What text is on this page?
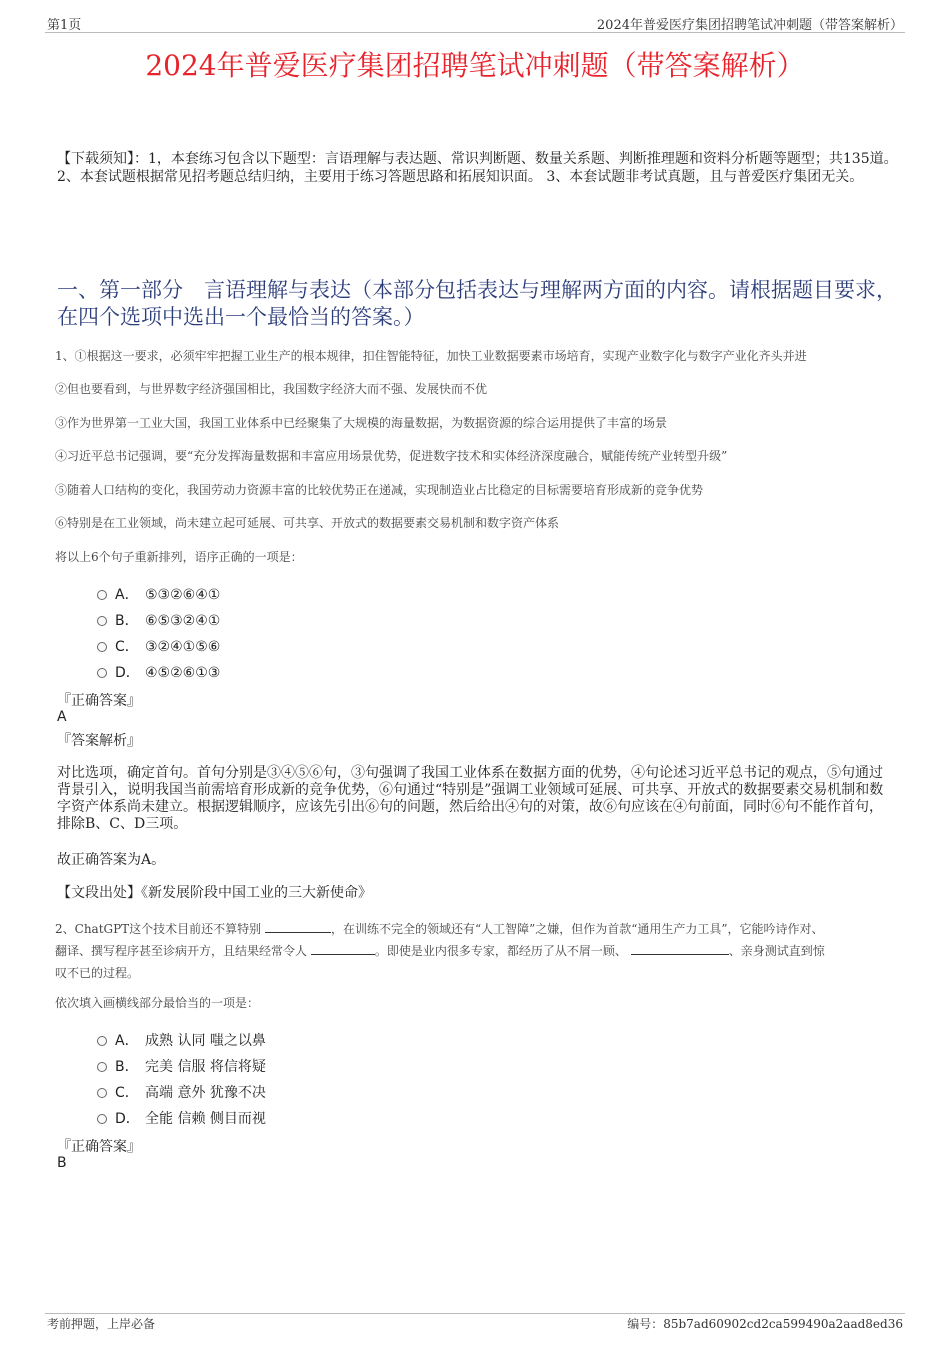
第1页	2024年普爱医疗集团招聘笔试冲刺题（带答案解析）
2024年普爱医疗集团招聘笔试冲刺题（带答案解析）
【下载须知】：1，本套练习包含以下题型：言语理解与表达题、常识判断题、数量关系题、判断推理题和资料分析题等题型；共135道。 2、本套试题根据常见招考题总结归纳，主要用于练习答题思路和拓展知识面。 3、本套试题非考试真题，且与普爱医疗集团无关。
一、第一部分　言语理解与表达（本部分包括表达与理解两方面的内容。请根据题目要求，在四个选项中选出一个最恰当的答案。）
1、①根据这一要求，必须牢牢把握工业生产的根本规律，扣住智能特征，加快工业数据要素市场培育，实现产业数字化与数字产业化齐头并进
②但也要看到，与世界数字经济强国相比，我国数字经济大而不强、发展快而不优
③作为世界第一工业大国，我国工业体系中已经聚集了大规模的海量数据，为数据资源的综合运用提供了丰富的场景
④习近平总书记强调，要“充分发挥海量数据和丰富应用场景优势，促进数字技术和实体经济深度融合，赋能传统产业转型升级”
⑤随着人口结构的变化，我国劳动力资源丰富的比较优势正在递减，实现制造业占比稳定的目标需要培育形成新的竞争优势
⑥特别是在工业领域，尚未建立起可延展、可共享、开放式的数据要素交易机制和数字资产体系
将以上6个句子重新排列，语序正确的一项是：
A． ⑤③②⑥④①
B． ⑥⑤③②④①
C． ③②④①⑤⑥
D． ④⑤②⑥①③
『正确答案』
A
『答案解析』
对比选项，确定首句。首句分别是③④⑤⑥句，③句强调了我国工业体系在数据方面的优势，④句论述习近平总书记的观点，⑤句通过背景引入，说明我国当前需培育形成新的竞争优势，⑥句通过“特别是”强调工业领域可延展、可共享、开放式的数据要素交易机制和数字资产体系尚未建立。根据逻辑顺序，应该先引出⑥句的问题，然后给出④句的对策，故⑥句应该在④句前面，同时⑥句不能作首句，排除B、C、D三项。
故正确答案为A。
【文段出处】《新发展阶段中国工业的三大新使命》
2、ChatGPT这个技术目前还不算特别	，在训练不完全的领域还有“人工智障”之嫌，但作为首款“通用生产力工具”，它能吟诗作对、
翻译、撰写程序甚至诊病开方，且结果经常令人	。即使是业内很多专家，都经历了从不屑一顾、	、亲身测试直到惊
叹不已的过程。
依次填入画横线部分最恰当的一项是：
A． 成熟 认同 嗤之以鼻
B． 完美 信服 将信将疑
C． 高端 意外 犹豫不决
D． 全能 信赖 侧目而视
『正确答案』
B
考前押题，上岸必备	编号：85b7ad60902cd2ca599490a2aad8ed36
